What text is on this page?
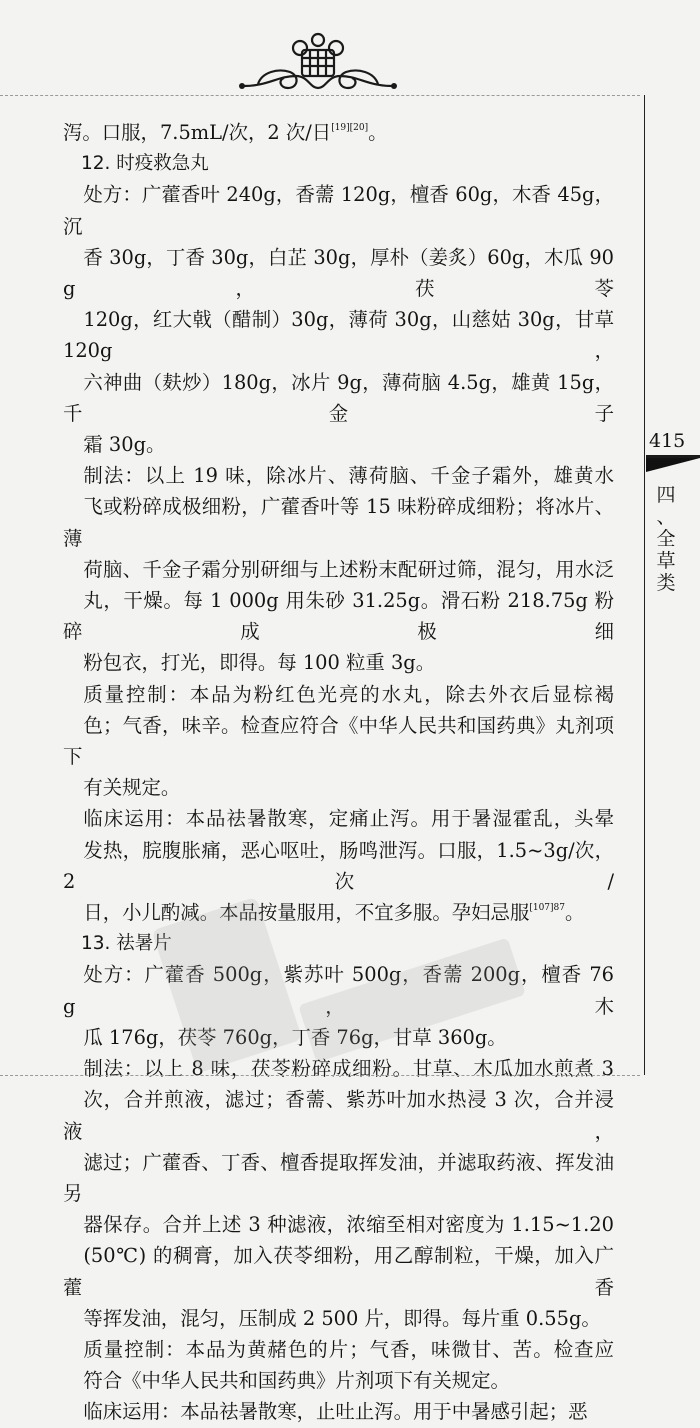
415
四
、
全
草
类

泻。口服，7.5mL/次，2 次/日[19][20]。

12. 时疫救急丸

处方：广藿香叶 240g，香薷 120g，檀香 60g，木香 45g，沉
香 30g，丁香 30g，白芷 30g，厚朴（姜炙）60g，木瓜 90g，茯苓
120g，红大戟（醋制）30g，薄荷 30g，山慈姑 30g，甘草 120g，
六神曲（麸炒）180g，冰片 9g，薄荷脑 4.5g，雄黄 15g，千金子
霜 30g。

制法：以上 19 味，除冰片、薄荷脑、千金子霜外，雄黄水
飞或粉碎成极细粉，广藿香叶等 15 味粉碎成细粉；将冰片、薄
荷脑、千金子霜分别研细与上述粉末配研过筛，混匀，用水泛
丸，干燥。每 1 000g 用朱砂 31.25g。滑石粉 218.75g 粉碎成极细
粉包衣，打光，即得。每 100 粒重 3g。

质量控制：本品为粉红色光亮的水丸，除去外衣后显棕褐
色；气香，味辛。检查应符合《中华人民共和国药典》丸剂项下
有关规定。

临床运用：本品祛暑散寒，定痛止泻。用于暑湿霍乱，头晕
发热，脘腹胀痛，恶心呕吐，肠鸣泄泻。口服，1.5~3g/次，2 次/
日，小儿酌减。本品按量服用，不宜多服。孕妇忌服$^{[107]87}$。

13. 祛暑片

处方：广藿香 500g，紫苏叶 500g，香薷 200g，檀香 76g，木
瓜 176g，茯苓 760g，丁香 76g，甘草 360g。

制法：以上 8 味，茯苓粉碎成细粉。甘草、木瓜加水煎煮 3
次，合并煎液，滤过；香薷、紫苏叶加水热浸 3 次，合并浸液，
滤过；广藿香、丁香、檀香提取挥发油，并滤取药液、挥发油另
器保存。合并上述 3 种滤液，浓缩至相对密度为 1.15~1.20
(50℃) 的稠膏，加入茯苓细粉，用乙醇制粒，干燥，加入广藿香
等挥发油，混匀，压制成 2 500 片，即得。每片重 0.55g。

质量控制：本品为黄赭色的片；气香，味微甘、苦。检查应
符合《中华人民共和国药典》片剂项下有关规定。

临床运用：本品祛暑散寒，止吐止泻。用于中暑感引起；恶
